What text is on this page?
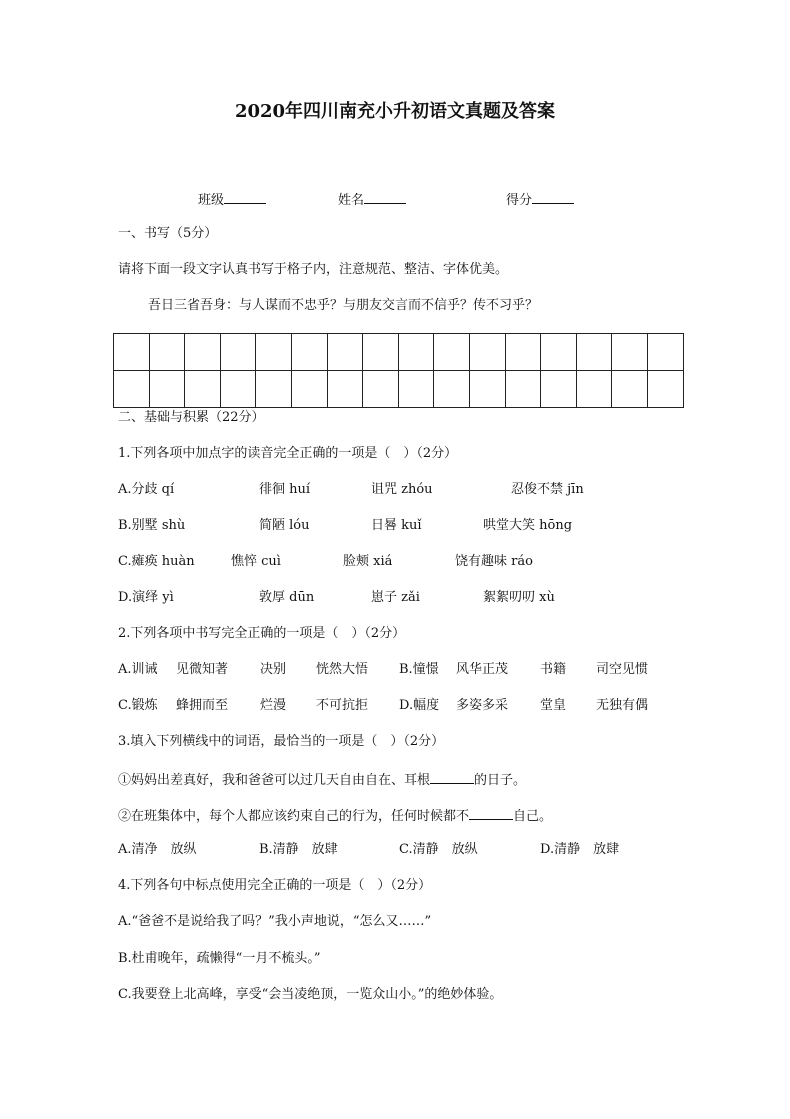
2020年四川南充小升初语文真题及答案
班级	姓名	得分
一、书写（5分）
请将下面一段文字认真书写于格子内，注意规范、整洁、字体优美。
吾日三省吾身：与人谋而不忠乎？与朋友交言而不信乎？传不习乎？

二、基础与积累（22分）
1.下列各项中加点字的读音完全正确的一项是（　）（2分）
A.分歧 qí	徘徊 huí	诅咒 zhóu	忍俊不禁 jīn
B.别墅 shù	简陋 lóu	日晷 kuǐ	哄堂大笑 hōng
C.瘫痪 huàn	憔悴 cuì	脸颊 xiá	饶有趣味 ráo
D.演绎 yì	敦厚 dūn	崽子 zǎi	絮絮叨叨 xù
2.下列各项中书写完全正确的一项是（　）（2分）
A.训诫 见微知著 决别 恍然大悟 B.憧憬 风华正茂 书籍 司空见惯
C.锻炼 蜂拥而至 烂漫 不可抗拒 D.幅度 多姿多采 堂皇 无独有偶
3.填入下列横线中的词语，最恰当的一项是（　）（2分）
①妈妈出差真好，我和爸爸可以过几天自由自在、耳根	的日子。
②在班集体中，每个人都应该约束自己的行为，任何时候都不	自己。
A.清净　放纵	B.清静　放肆	C.清静　放纵	D.清静　放肆
4.下列各句中标点使用完全正确的一项是（　）（2分）
A.“爸爸不是说给我了吗？”我小声地说，“怎么又……”
B.杜甫晚年，疏懒得“一月不梳头。”
C.我要登上北高峰，享受“会当凌绝顶，一览众山小。”的绝妙体验。
